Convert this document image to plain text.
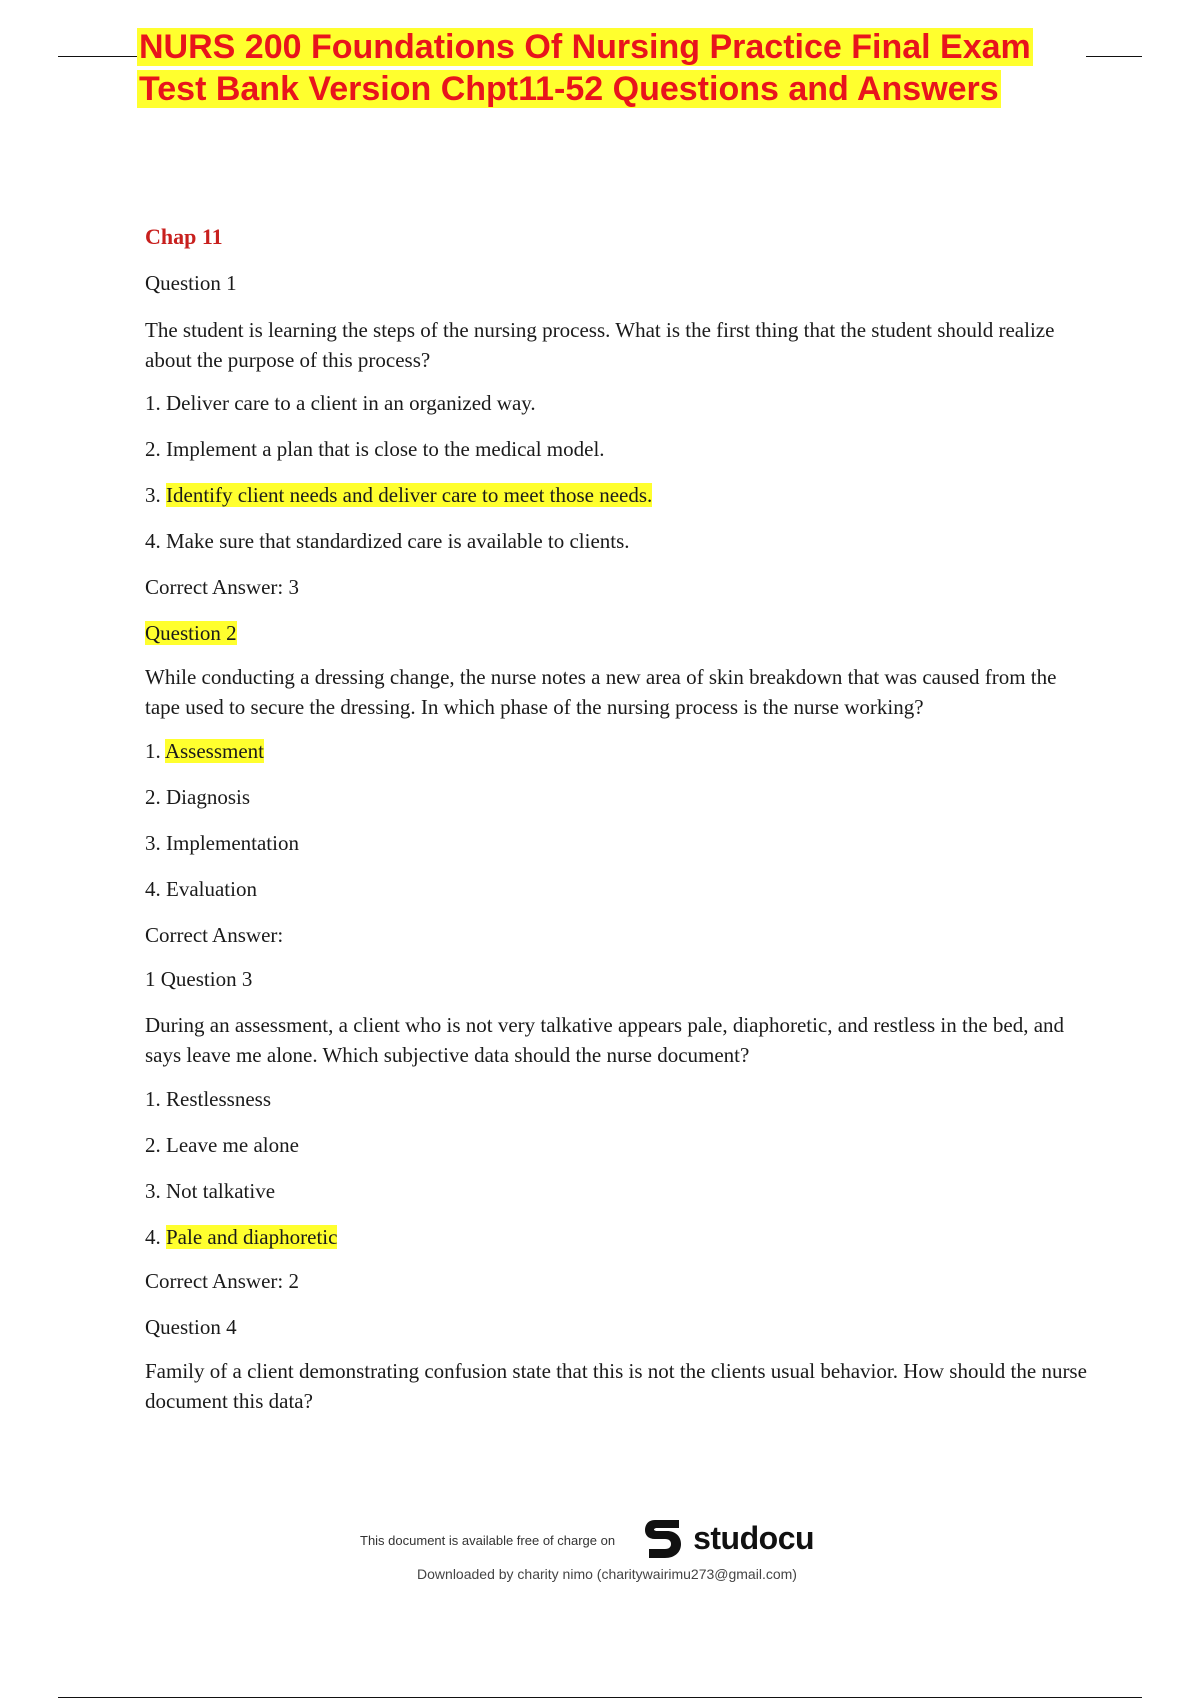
NURS 200 Foundations Of Nursing Practice Final Exam
Test Bank Version Chpt11-52 Questions and Answers

Chap 11

Question 1

The student is learning the steps of the nursing process. What is the first thing that the student should realize about the purpose of this process?

1. Deliver care to a client in an organized way.

2. Implement a plan that is close to the medical model.

3. Identify client needs and deliver care to meet those needs.

4. Make sure that standardized care is available to clients.

Correct Answer: 3

Question 2

While conducting a dressing change, the nurse notes a new area of skin breakdown that was caused from the tape used to secure the dressing. In which phase of the nursing process is the nurse working?

1. Assessment

2. Diagnosis

3. Implementation

4. Evaluation

Correct Answer:

1 Question 3

During an assessment, a client who is not very talkative appears pale, diaphoretic, and restless in the bed, and says leave me alone. Which subjective data should the nurse document?

1. Restlessness

2. Leave me alone

3. Not talkative

4. Pale and diaphoretic

Correct Answer: 2

Question 4

Family of a client demonstrating confusion state that this is not the clients usual behavior. How should the nurse document this data?

This document is available free of charge on studocu
Downloaded by charity nimo (charitywairimu273@gmail.com)
